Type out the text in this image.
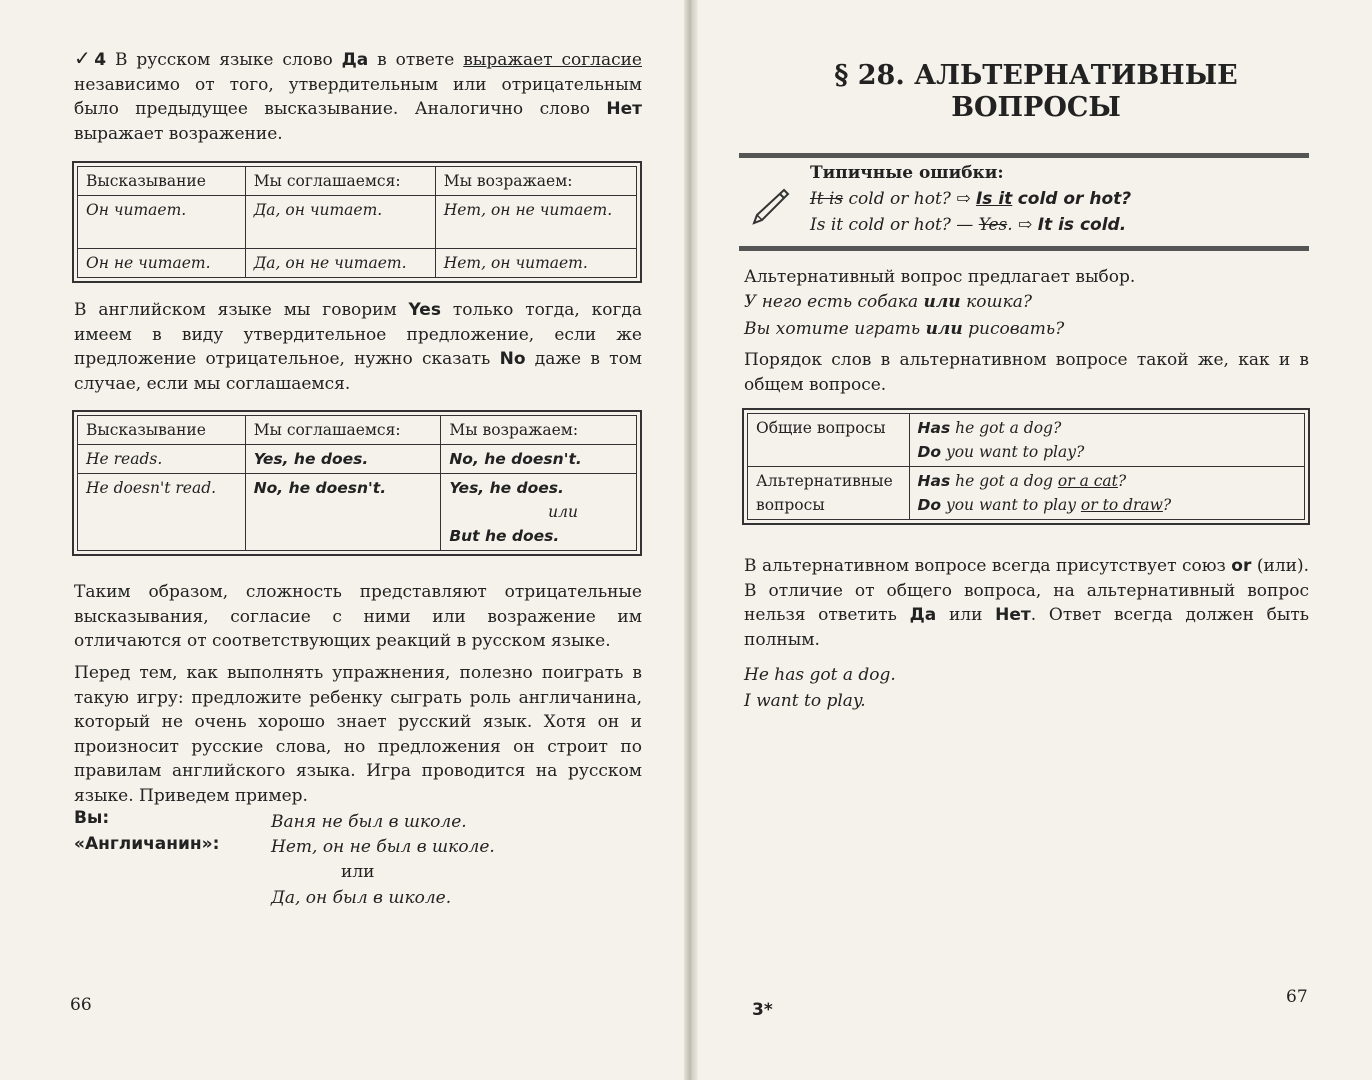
✓4 В русском языке слово Да в ответе выражает согласие независимо от того, утвердительным или отрицательным было предыдущее высказывание. Аналогично слово Нет выражает возражение.
Высказывание	Мы соглашаемся:	Мы возражаем:
Он читает.	Да, он читает.	Нет, он не читает.
Он не читает.	Да, он не читает.	Нет, он читает.
В английском языке мы говорим Yes только тогда, когда имеем в виду утвердительное предложение, если же предложение отрицательное, нужно сказать No даже в том случае, если мы соглашаемся.
Высказывание	Мы соглашаемся:	Мы возражаем:
He reads.	Yes, he does.	No, he doesn't.
He doesn't read.	No, he doesn't.	Yes, he does.
или
But he does.
Таким образом, сложность представляют отрицательные высказывания, согласие с ними или возражение им отличаются от соответствующих реакций в русском языке.
Перед тем, как выполнять упражнения, полезно поиграть в такую игру: предложите ребенку сыграть роль англичанина, который не очень хорошо знает русский язык. Хотя он и произносит русские слова, но предложения он строит по правилам английского языка. Игра проводится на русском языке. Приведем пример.
Вы:	Ваня не был в школе.
«Англичанин»:	Нет, он не был в школе.
или
Да, он был в школе.
66
§ 28. АЛЬТЕРНАТИВНЫЕ
ВОПРОСЫ
Типичные ошибки:
It is cold or hot? ⇨ Is it cold or hot?
Is it cold or hot? — Yes. ⇨ It is cold.
Альтернативный вопрос предлагает выбор.
У него есть собака или кошка?
Вы хотите играть или рисовать?
Порядок слов в альтернативном вопросе такой же, как и в общем вопросе.
Общие вопросы	Has he got a dog?
Do you want to play?

Альтернативные вопросы	Has he got a dog or a cat?
Do you want to play or to draw?
В альтернативном вопросе всегда присутствует союз or (или). В отличие от общего вопроса, на альтернативный вопрос нельзя ответить Да или Нет. Ответ всегда должен быть полным.
He has got a dog.
I want to play.
3*
67
